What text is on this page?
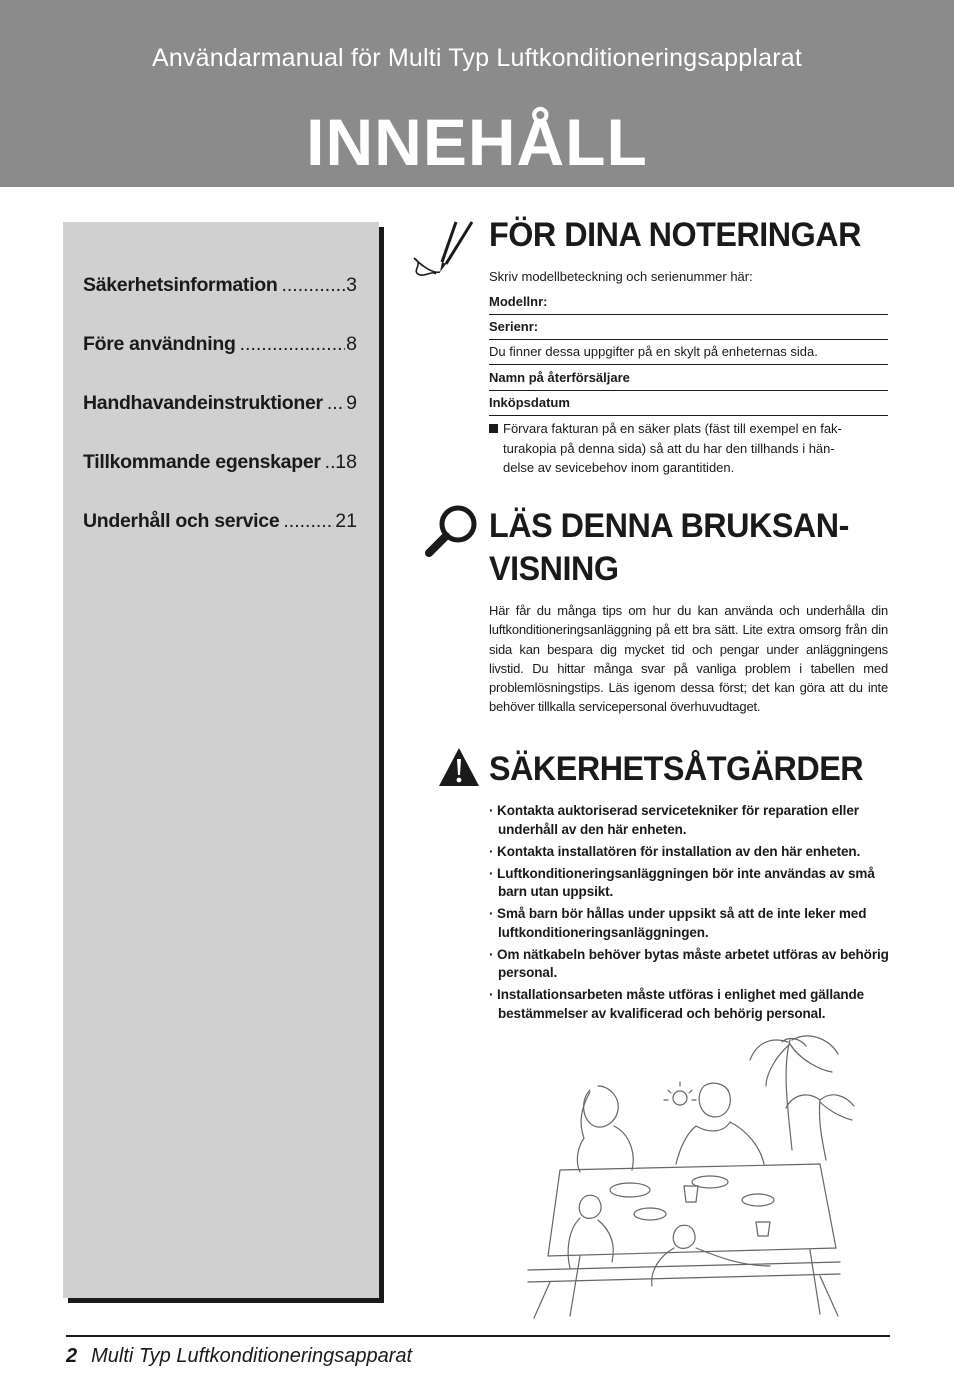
Användarmanual för Multi Typ Luftkonditioneringsapplarat
INNEHÅLL
Säkerhetsinformation .....	3
Före användning .....	8
Handhavandeinstruktioner ..... 9
Tillkommande egenskaper ..... 18
Underhåll och service .....	21
FÖR DINA NOTERINGAR
Skriv modellbeteckning och serienummer här:
Modellnr:
Serienr:
Du finner dessa uppgifter på en skylt på enheternas sida.
Namn på återförsäljare
Inköpsdatum
Förvara fakturan på en säker plats (fäst till exempel en fak-
turakopia på denna sida) så att du har den tillhands i hän-
delse av sevicebehov inom garantitiden.
LÄS DENNA BRUKSAN-
VISNING
Här får du många tips om hur du kan använda och underhålla din luftkonditioneringsanläggning på ett bra sätt. Lite extra omsorg från din sida kan bespara dig mycket tid och pengar under anläggningens livstid. Du hittar många svar på vanliga problem i tabellen med problemlösningstips. Läs igenom dessa först; det kan göra att du inte behöver tillkalla servicepersonal överhuvudtaget.
SÄKERHETSÅTGÄRDER
· Kontakta auktoriserad servicetekniker för reparation eller underhåll av den här enheten.
· Kontakta installatören för installation av den här enheten.
· Luftkonditioneringsanläggningen bör inte användas av små barn utan uppsikt.
· Små barn bör hållas under uppsikt så att de inte leker med luftkonditioneringsanläggningen.
· Om nätkabeln behöver bytas måste arbetet utföras av behörig personal.
· Installationsarbeten måste utföras i enlighet med gällande bestämmelser av kvalificerad och behörig personal.
2 Multi Typ Luftkonditioneringsapparat
